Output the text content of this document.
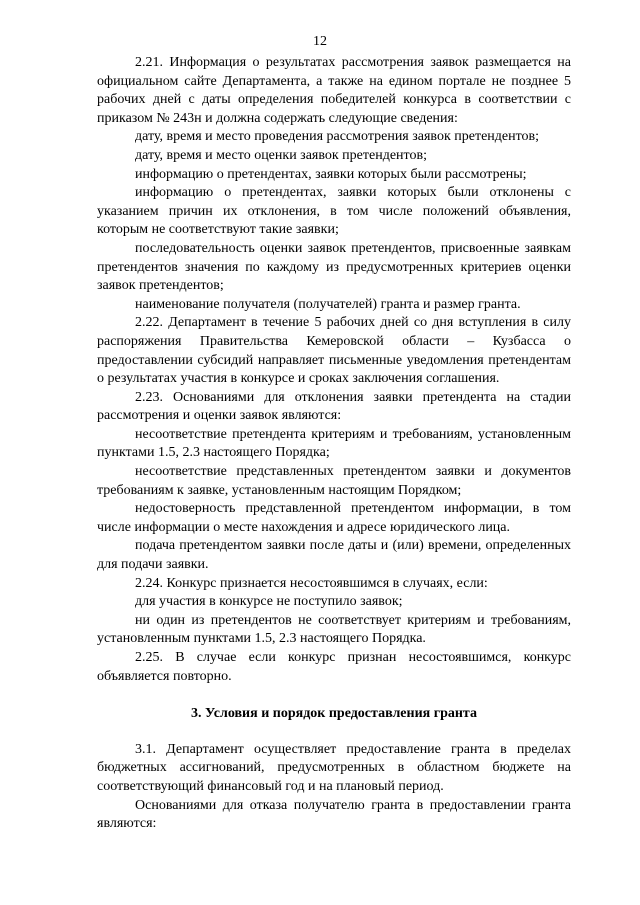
12

2.21. Информация о результатах рассмотрения заявок размещается на официальном сайте Департамента, а также на едином портале не позднее 5 рабочих дней с даты определения победителей конкурса в соответствии с приказом № 243н и должна содержать следующие сведения:

дату, время и место проведения рассмотрения заявок претендентов;

дату, время и место оценки заявок претендентов;

информацию о претендентах, заявки которых были рассмотрены;

информацию о претендентах, заявки которых были отклонены с указанием причин их отклонения, в том числе положений объявления, которым не соответствуют такие заявки;

последовательность оценки заявок претендентов, присвоенные заявкам претендентов значения по каждому из предусмотренных критериев оценки заявок претендентов;

наименование получателя (получателей) гранта и размер гранта.

2.22. Департамент в течение 5 рабочих дней со дня вступления в силу распоряжения Правительства Кемеровской области – Кузбасса о предоставлении субсидий направляет письменные уведомления претендентам о результатах участия в конкурсе и сроках заключения соглашения.

2.23. Основаниями для отклонения заявки претендента на стадии рассмотрения и оценки заявок являются:

несоответствие претендента критериям и требованиям, установленным пунктами 1.5, 2.3 настоящего Порядка;

несоответствие представленных претендентом заявки и документов требованиям к заявке, установленным настоящим Порядком;

недостоверность представленной претендентом информации, в том числе информации о месте нахождения и адресе юридического лица.

подача претендентом заявки после даты и (или) времени, определенных для подачи заявки.

2.24. Конкурс признается несостоявшимся в случаях, если:

для участия в конкурсе не поступило заявок;

ни один из претендентов не соответствует критериям и требованиям, установленным пунктами 1.5, 2.3 настоящего Порядка.

2.25. В случае если конкурс признан несостоявшимся, конкурс объявляется повторно.

3. Условия и порядок предоставления гранта

3.1. Департамент осуществляет предоставление гранта в пределах бюджетных ассигнований, предусмотренных в областном бюджете на соответствующий финансовый год и на плановый период.

Основаниями для отказа получателю гранта в предоставлении гранта являются:
